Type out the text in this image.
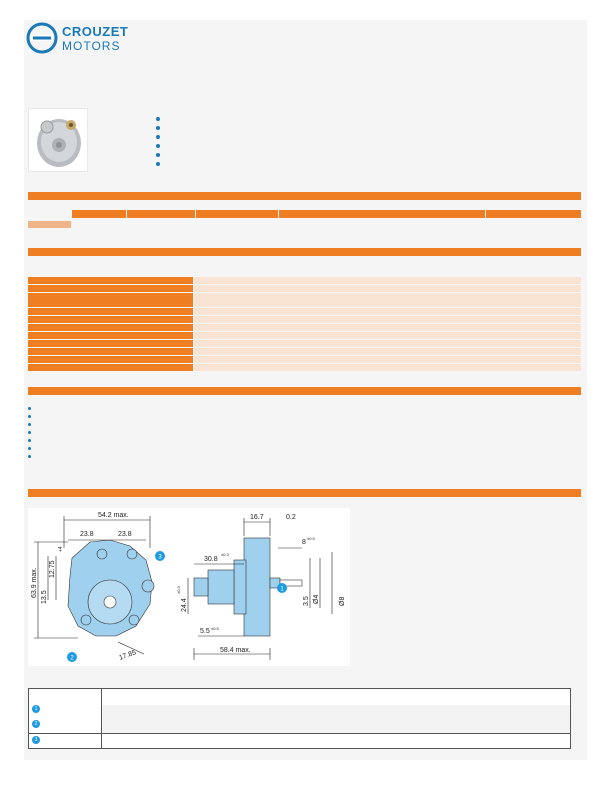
CROUZET
MOTORS
54.2 max.
23.8	23.8
63.9 max. 12.75
13.5
+4
17.85
16.7	0.2
8
±0.5
30.8
±0.3
24.4
±0.3
5.5 ±0.5
58.4 max.
3.5 Ø4	Ø8
3
2
1
1
2
3
